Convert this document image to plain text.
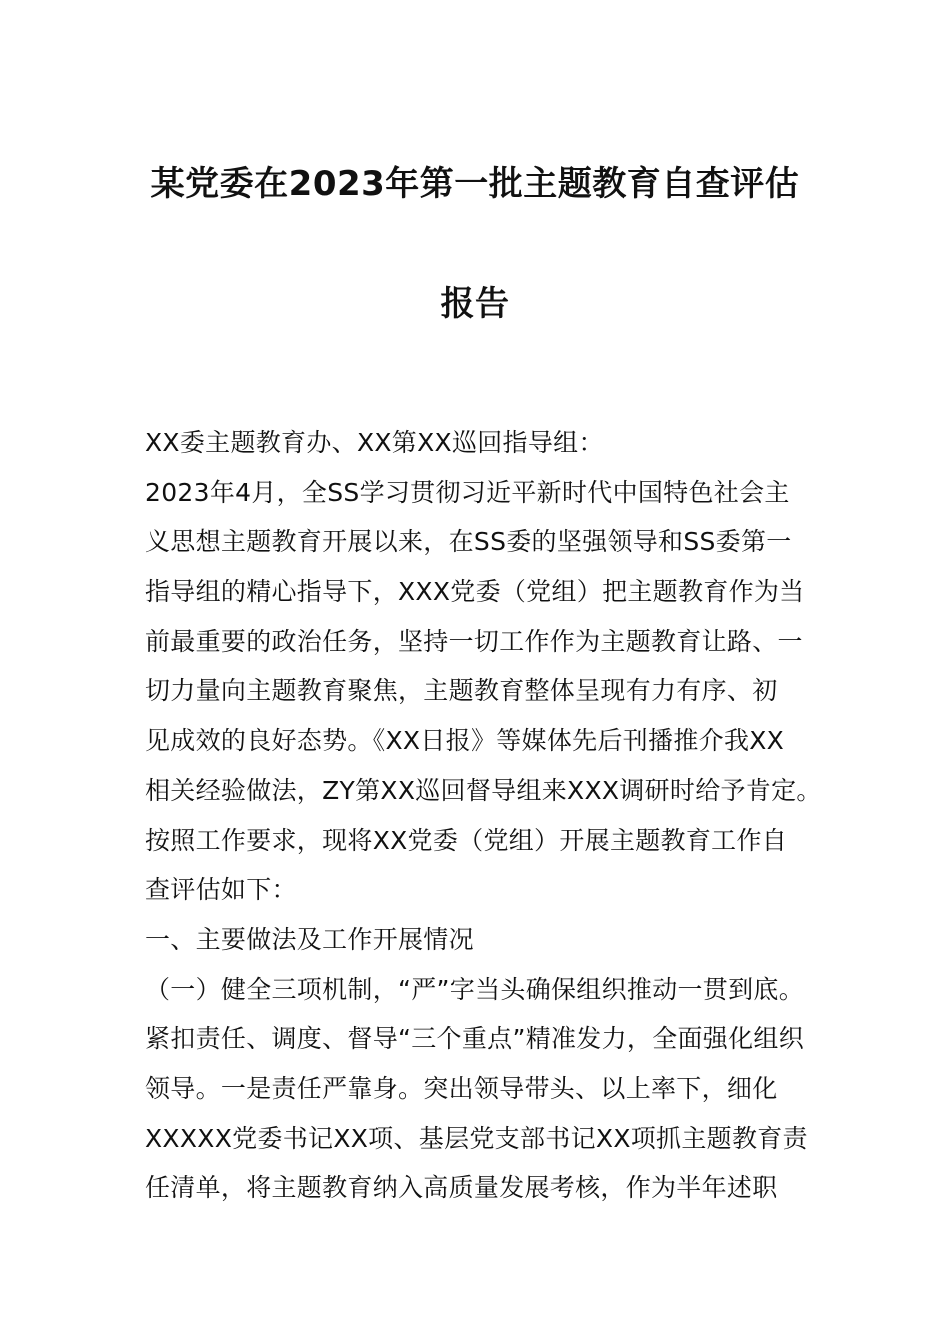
某党委在2023年第一批主题教育自查评估
报告
XX委主题教育办、XX第XX巡回指导组：
2023年4月，全SS学习贯彻习近平新时代中国特色社会主
义思想主题教育开展以来，在SS委的坚强领导和SS委第一
指导组的精心指导下，XXX党委（党组）把主题教育作为当
前最重要的政治任务，坚持一切工作作为主题教育让路、一
切力量向主题教育聚焦，主题教育整体呈现有力有序、初
见成效的良好态势。《XX日报》等媒体先后刊播推介我XX
相关经验做法，ZY第XX巡回督导组来XXX调研时给予肯定。
按照工作要求，现将XX党委（党组）开展主题教育工作自
查评估如下：
一、主要做法及工作开展情况
（一）健全三项机制，“严”字当头确保组织推动一贯到底。
紧扣责任、调度、督导“三个重点”精准发力，全面强化组织
领导。一是责任严靠身。突出领导带头、以上率下，细化
XXXXX党委书记XX项、基层党支部书记XX项抓主题教育责
任清单，将主题教育纳入高质量发展考核，作为半年述职
